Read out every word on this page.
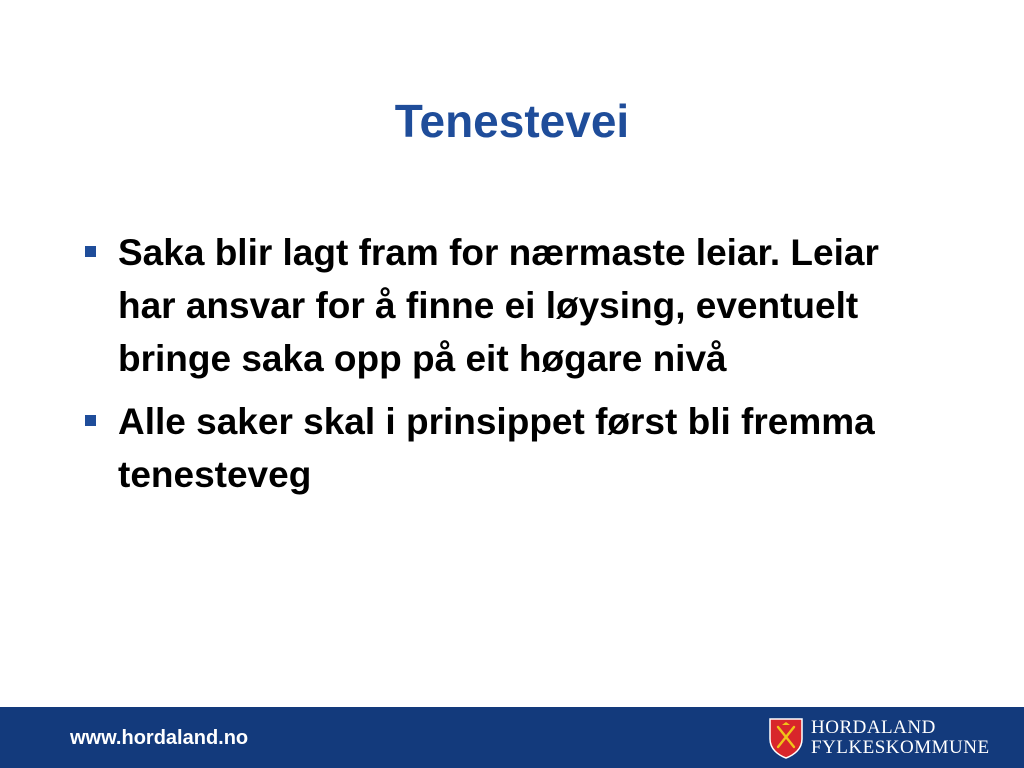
Tenestevei
Saka blir lagt fram for nærmaste leiar. Leiar har ansvar for å finne ei løysing, eventuelt bringe saka opp på eit høgare nivå
Alle saker skal i prinsippet først bli fremma tenesteveg
www.hordaland.no	HORDALAND
FYLKESKOMMUNE
